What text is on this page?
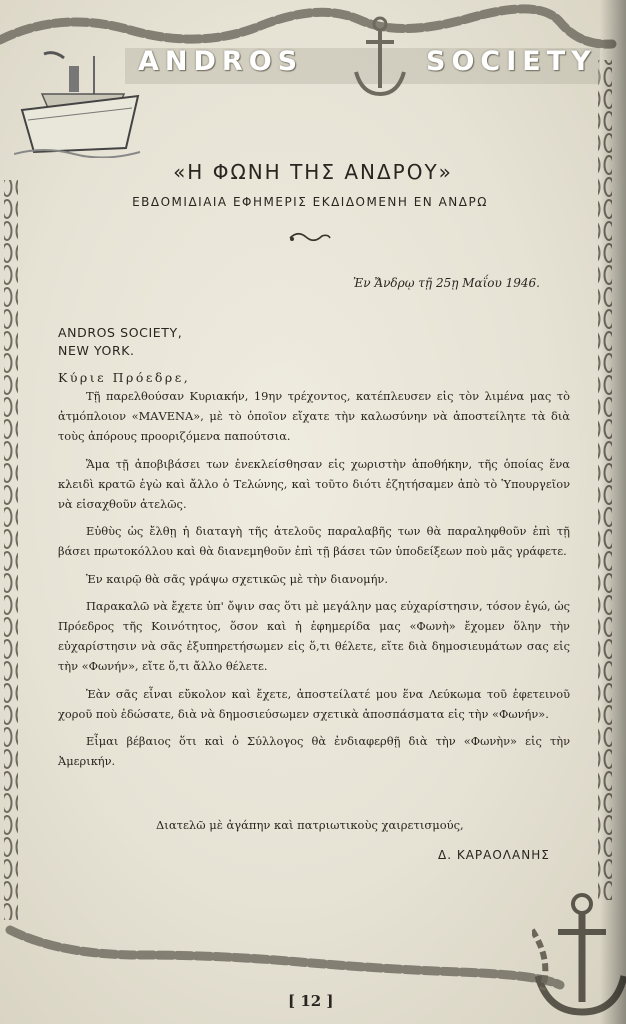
ANDROS	SOCIETY
«Η ΦΩΝΗ ΤΗΣ ΑΝΔΡΟΥ»
ΕΒΔΟΜΙΔΙΑΙΑ ΕΦΗΜΕΡΙΣ ΕΚΔΙΔΟΜΕΝΗ ΕΝ ΑΝΔΡΩ
Ἐν Ἄνδρῳ τῇ 25ῃ Μαΐου 1946.
ANDROS SOCIETY,
NEW YORK.
Κύριε Πρόεδρε,

Τῇ παρελθούσαν Κυριακήν, 19ην τρέχοντος, κατέπλευσεν εἰς τὸν λιμένα μας τὸ ἀτμόπλοιον «ΜΑVENA», μὲ τὸ ὁποῖον εἴχατε τὴν καλωσύνην νὰ ἀποστείλητε τὰ διὰ τοὺς ἀπόρους προοριζόμενα παπούτσια.

Ἅμα τῇ ἀποβιβάσει των ἐνεκλείσθησαν εἰς χωριστὴν ἀποθήκην, τῆς ὁποίας ἕνα κλειδὶ κρατῶ ἐγὼ καὶ ἄλλο ὁ Τελώνης, καὶ τοῦτο διότι ἐζητήσαμεν ἀπὸ τὸ Ὑπουργεῖον νὰ εἰσαχθοῦν ἀτελῶς.

Εὐθὺς ὡς ἔλθῃ ἡ διαταγὴ τῆς ἀτελοῦς παραλαβῆς των θὰ παραληφθοῦν ἐπὶ τῇ βάσει πρωτοκόλλου καὶ θὰ διανεμηθοῦν ἐπὶ τῇ βάσει τῶν ὑποδείξεων ποὺ μᾶς γράφετε.

Ἐν καιρῷ θὰ σᾶς γράψω σχετικῶς μὲ τὴν διανομήν.

Παρακαλῶ νὰ ἔχετε ὑπ' ὄψιν σας ὅτι μὲ μεγάλην μας εὐχαρίστησιν, τόσον ἐγώ, ὡς Πρόεδρος τῆς Κοινότητος, ὅσον καὶ ἡ ἐφημερίδα μας «Φωνὴ» ἔχομεν ὅλην τὴν εὐχαρίστησιν νὰ σᾶς ἐξυπηρετήσωμεν εἰς ὅ,τι θέλετε, εἴτε διὰ δημοσιευμάτων σας εἰς τὴν «Φωνήν», εἴτε ὅ,τι ἄλλο θέλετε.

Ἐὰν σᾶς εἶναι εὔκολον καὶ ἔχετε, ἀποστείλατέ μου ἕνα Λεύκωμα τοῦ ἐφετεινοῦ χοροῦ ποὺ ἐδώσατε, διὰ νὰ δημοσιεύσωμεν σχετικὰ ἀποσπάσματα εἰς τὴν «Φωνήν».

Εἶμαι βέβαιος ὅτι καὶ ὁ Σύλλογος θὰ ἐνδιαφερθῇ διὰ τὴν «Φωνὴν» εἰς τὴν Ἀμερικήν.

Διατελῶ μὲ ἀγάπην καὶ πατριωτικοὺς χαιρετισμούς,
Δ. ΚΑΡΑΟΛΑΝΗΣ
[ 12 ]
